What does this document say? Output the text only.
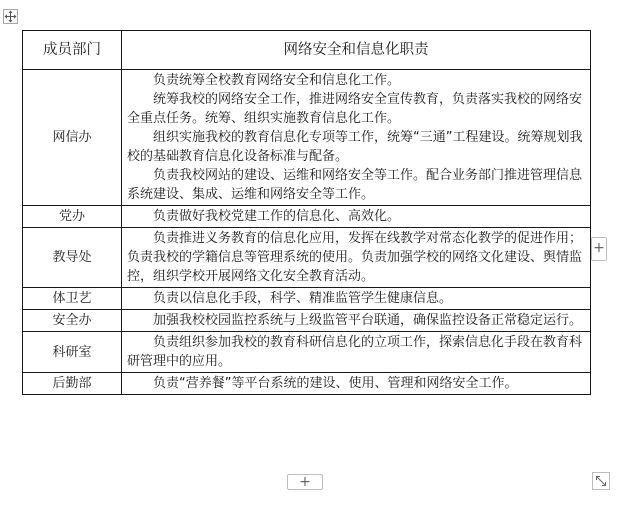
成员部门	网络安全和信息化职责
网信办	负责统筹全校教育网络安全和信息化工作。

统筹我校的网络安全工作，推进网络安全宣传教育，负责落实我校的网络安全重点任务。统筹、组织实施教育信息化工作。

组织实施我校的教育信息化专项等工作，统筹“三通”工程建设。统筹规划我校的基础教育信息化设备标准与配备。

负责我校网站的建设、运维和网络安全等工作。配合业务部门推进管理信息系统建设、集成、运维和网络安全等工作。

党办	负责做好我校党建工作的信息化、高效化。

教导处	负责推进义务教育的信息化应用，发挥在线教学对常态化教学的促进作用；负责我校的学籍信息等管理系统的使用。负责加强学校的网络文化建设、舆情监控，组织学校开展网络文化安全教育活动。

体卫艺	负责以信息化手段，科学、精准监管学生健康信息。

安全办	加强我校校园监控系统与上级监管平台联通，确保监控设备正常稳定运行。

科研室	负责组织参加我校的教育科研信息化的立项工作，探索信息化手段在教育科研管理中的应用。

后勤部	负责“营养餐”等平台系统的建设、使用、管理和网络安全工作。

+
+
